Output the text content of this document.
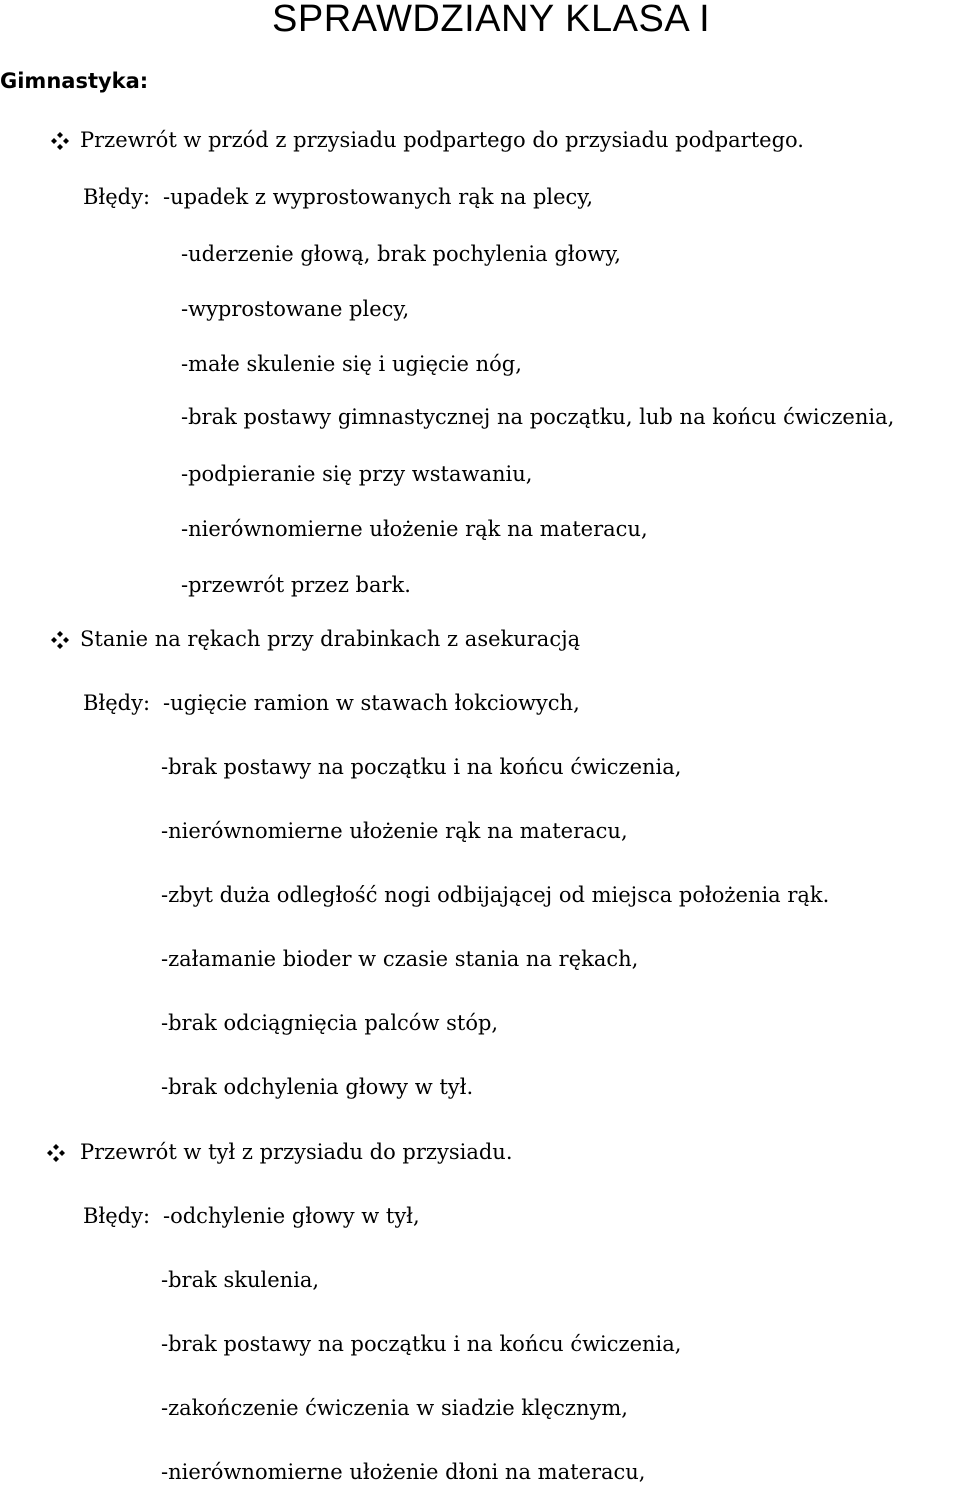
SPRAWDZIANY KLASA I
Gimnastyka:
Przewrót w przód z przysiadu podpartego do przysiadu podpartego.
Błędy: -upadek z wyprostowanych rąk na plecy,
-uderzenie głową, brak pochylenia głowy,
-wyprostowane plecy,
-małe skulenie się i ugięcie nóg,
-brak postawy gimnastycznej na początku, lub na końcu ćwiczenia,
-podpieranie się przy wstawaniu,
-nierównomierne ułożenie rąk na materacu,
-przewrót przez bark.
Stanie na rękach przy drabinkach z asekuracją
Błędy: -ugięcie ramion w stawach łokciowych,
-brak postawy na początku i na końcu ćwiczenia,
-nierównomierne ułożenie rąk na materacu,
-zbyt duża odległość nogi odbijającej od miejsca położenia rąk.
-załamanie bioder w czasie stania na rękach,
-brak odciągnięcia palców stóp,
-brak odchylenia głowy w tył.
Przewrót w tył z przysiadu do przysiadu.
Błędy: -odchylenie głowy w tył,
-brak skulenia,
-brak postawy na początku i na końcu ćwiczenia,
-zakończenie ćwiczenia w siadzie klęcznym,
-nierównomierne ułożenie dłoni na materacu,
